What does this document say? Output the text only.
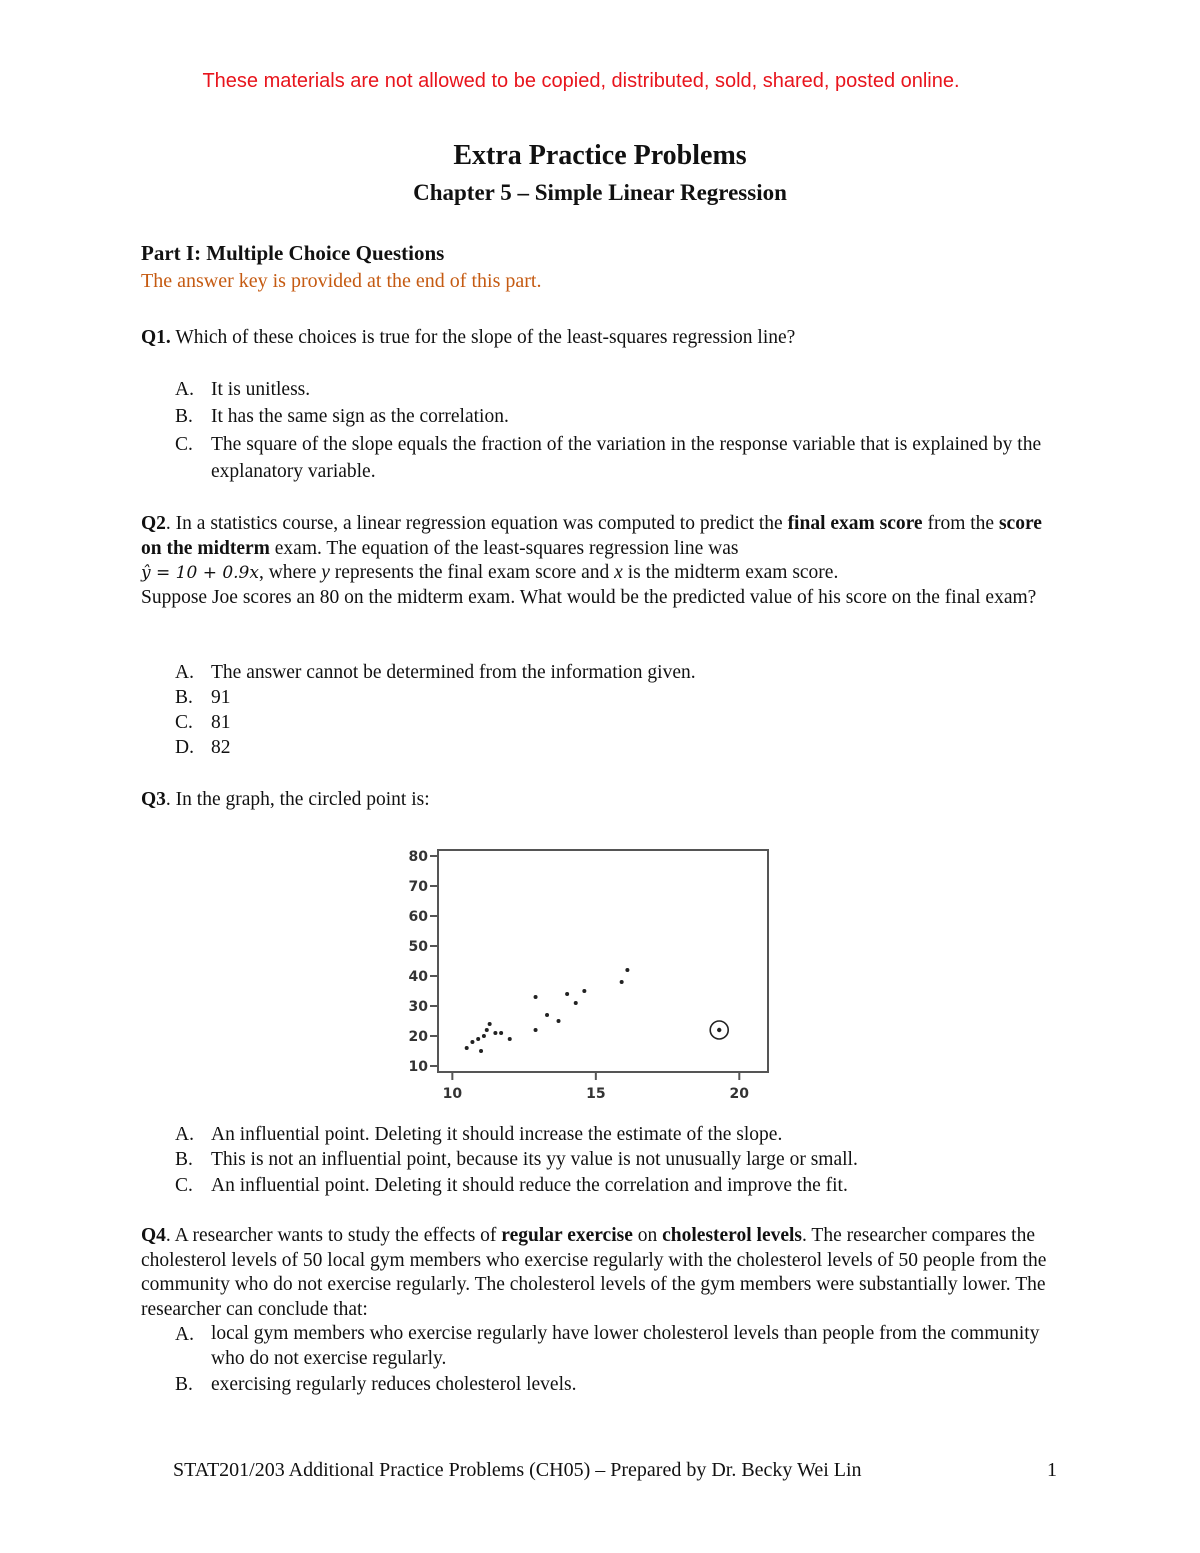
These materials are not allowed to be copied, distributed, sold, shared, posted online.
Extra Practice Problems
Chapter 5 – Simple Linear Regression
Part I: Multiple Choice Questions
The answer key is provided at the end of this part.
Q1. Which of these choices is true for the slope of the least-squares regression line?
A. It is unitless.
B. It has the same sign as the correlation.
C. The square of the slope equals the fraction of the variation in the response variable that is explained by the explanatory variable.
Q2. In a statistics course, a linear regression equation was computed to predict the final exam score from the score on the midterm exam. The equation of the least-squares regression line was
ŷ = 10 + 0.9x, where y represents the final exam score and x is the midterm exam score.
Suppose Joe scores an 80 on the midterm exam. What would be the predicted value of his score on the final exam?
A. The answer cannot be determined from the information given.
B. 91
C. 81
D. 82
Q3. In the graph, the circled point is:
10
20
30
40
50
60
70
80
10	15	20
A. An influential point. Deleting it should increase the estimate of the slope.
B. This is not an influential point, because its yy value is not unusually large or small.
C. An influential point. Deleting it should reduce the correlation and improve the fit.
Q4. A researcher wants to study the effects of regular exercise on cholesterol levels. The researcher compares the cholesterol levels of 50 local gym members who exercise regularly with the cholesterol levels of 50 people from the community who do not exercise regularly. The cholesterol levels of the gym members were substantially lower. The researcher can conclude that:
A. local gym members who exercise regularly have lower cholesterol levels than people from the community who do not exercise regularly.
B. exercising regularly reduces cholesterol levels.
STAT201/203 Additional Practice Problems (CH05) – Prepared by Dr. Becky Wei Lin	1
